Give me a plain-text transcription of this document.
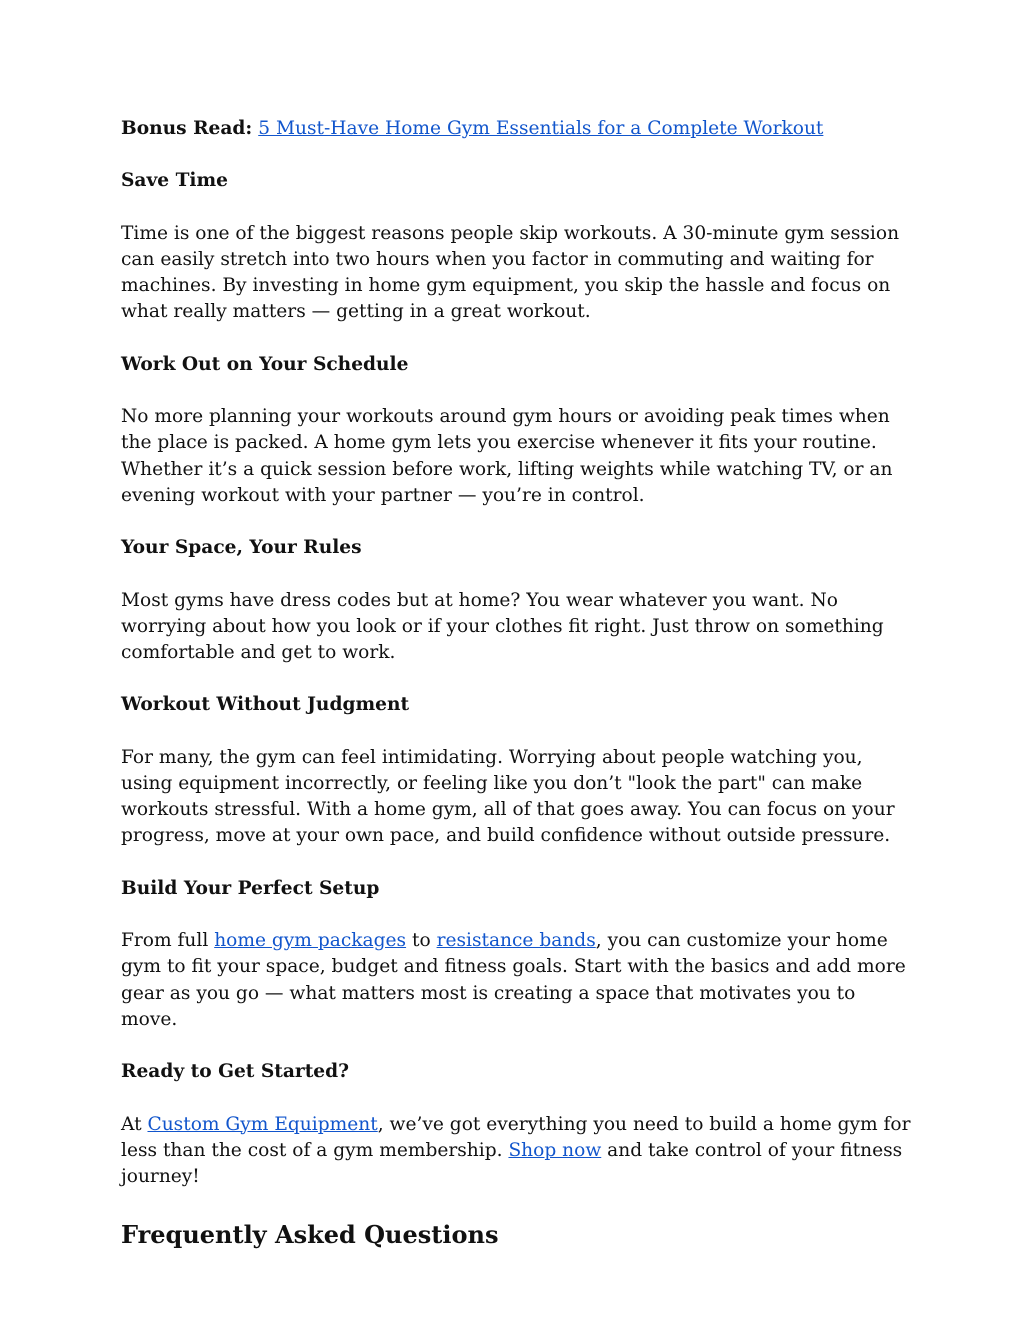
Bonus Read: 5 Must-Have Home Gym Essentials for a Complete Workout

Save Time

Time is one of the biggest reasons people skip workouts. A 30-minute gym session can easily stretch into two hours when you factor in commuting and waiting for machines. By investing in home gym equipment, you skip the hassle and focus on what really matters — getting in a great workout.

Work Out on Your Schedule

No more planning your workouts around gym hours or avoiding peak times when the place is packed. A home gym lets you exercise whenever it fits your routine. Whether it’s a quick session before work, lifting weights while watching TV, or an evening workout with your partner — you’re in control.

Your Space, Your Rules

Most gyms have dress codes but at home? You wear whatever you want. No worrying about how you look or if your clothes fit right. Just throw on something comfortable and get to work.

Workout Without Judgment

For many, the gym can feel intimidating. Worrying about people watching you, using equipment incorrectly, or feeling like you don’t "look the part" can make workouts stressful. With a home gym, all of that goes away. You can focus on your progress, move at your own pace, and build confidence without outside pressure.

Build Your Perfect Setup

From full home gym packages to resistance bands, you can customize your home gym to fit your space, budget and fitness goals. Start with the basics and add more gear as you go — what matters most is creating a space that motivates you to move.

Ready to Get Started?

At Custom Gym Equipment, we’ve got everything you need to build a home gym for less than the cost of a gym membership. Shop now and take control of your fitness journey!

Frequently Asked Questions
